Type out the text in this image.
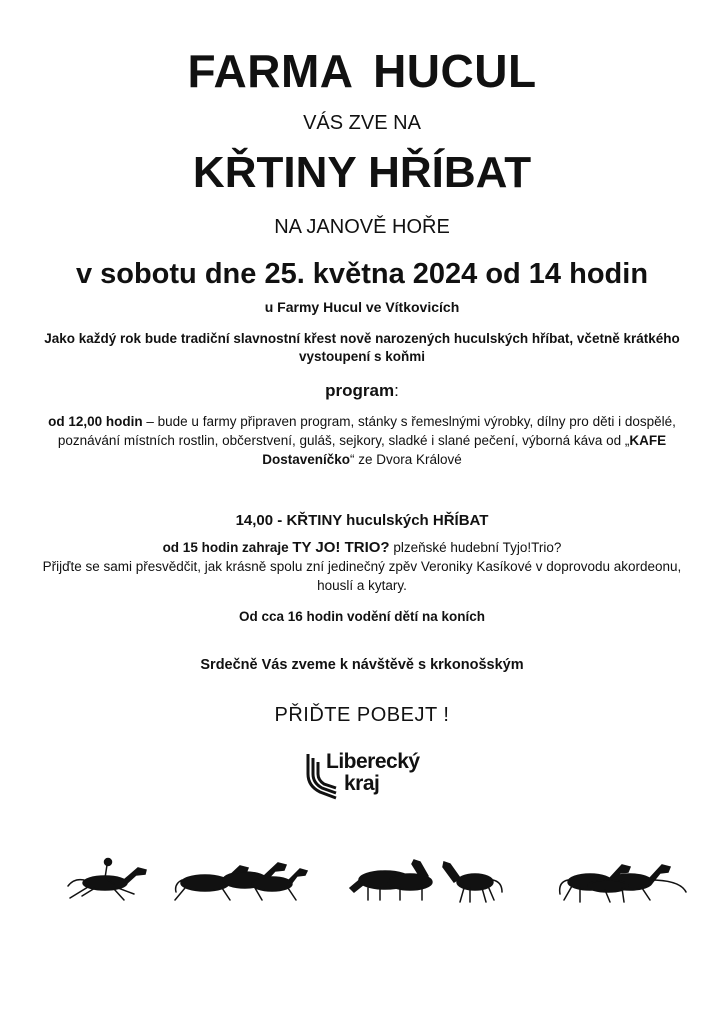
FARMA HUCUL
VÁS ZVE NA
KŘTINY HŘÍBAT
NA JANOVĚ HOŘE
v sobotu dne 25. května 2024 od 14 hodin
u Farmy Hucul ve Vítkovicích
Jako každý rok bude tradiční slavnostní křest nově narozených huculských hříbat, včetně krátkého vystoupení s koňmi
program:
od 12,00 hodin – bude u farmy připraven program, stánky s řemeslnými výrobky, dílny pro děti i dospělé, poznávání místních rostlin, občerstvení, guláš, sejkory, sladké i slané pečení, výborná káva od „KAFE Dostaveníčko“ ze Dvora Králové
14,00 - KŘTINY huculských HŘÍBAT
od 15 hodin zahraje TY JO! TRIO? plzeňské hudební Tyjo!Trio?
Přijďte se sami přesvědčit, jak krásně spolu zní jedinečný zpěv Veroniky Kasíkové v doprovodu akordeonu, houslí a kytary.
Od cca 16 hodin vodění dětí na koních
Srdečně Vás zveme k návštěvě s krkonošským
PŘIĎTE POBEJT !
Liberecký
kraj
